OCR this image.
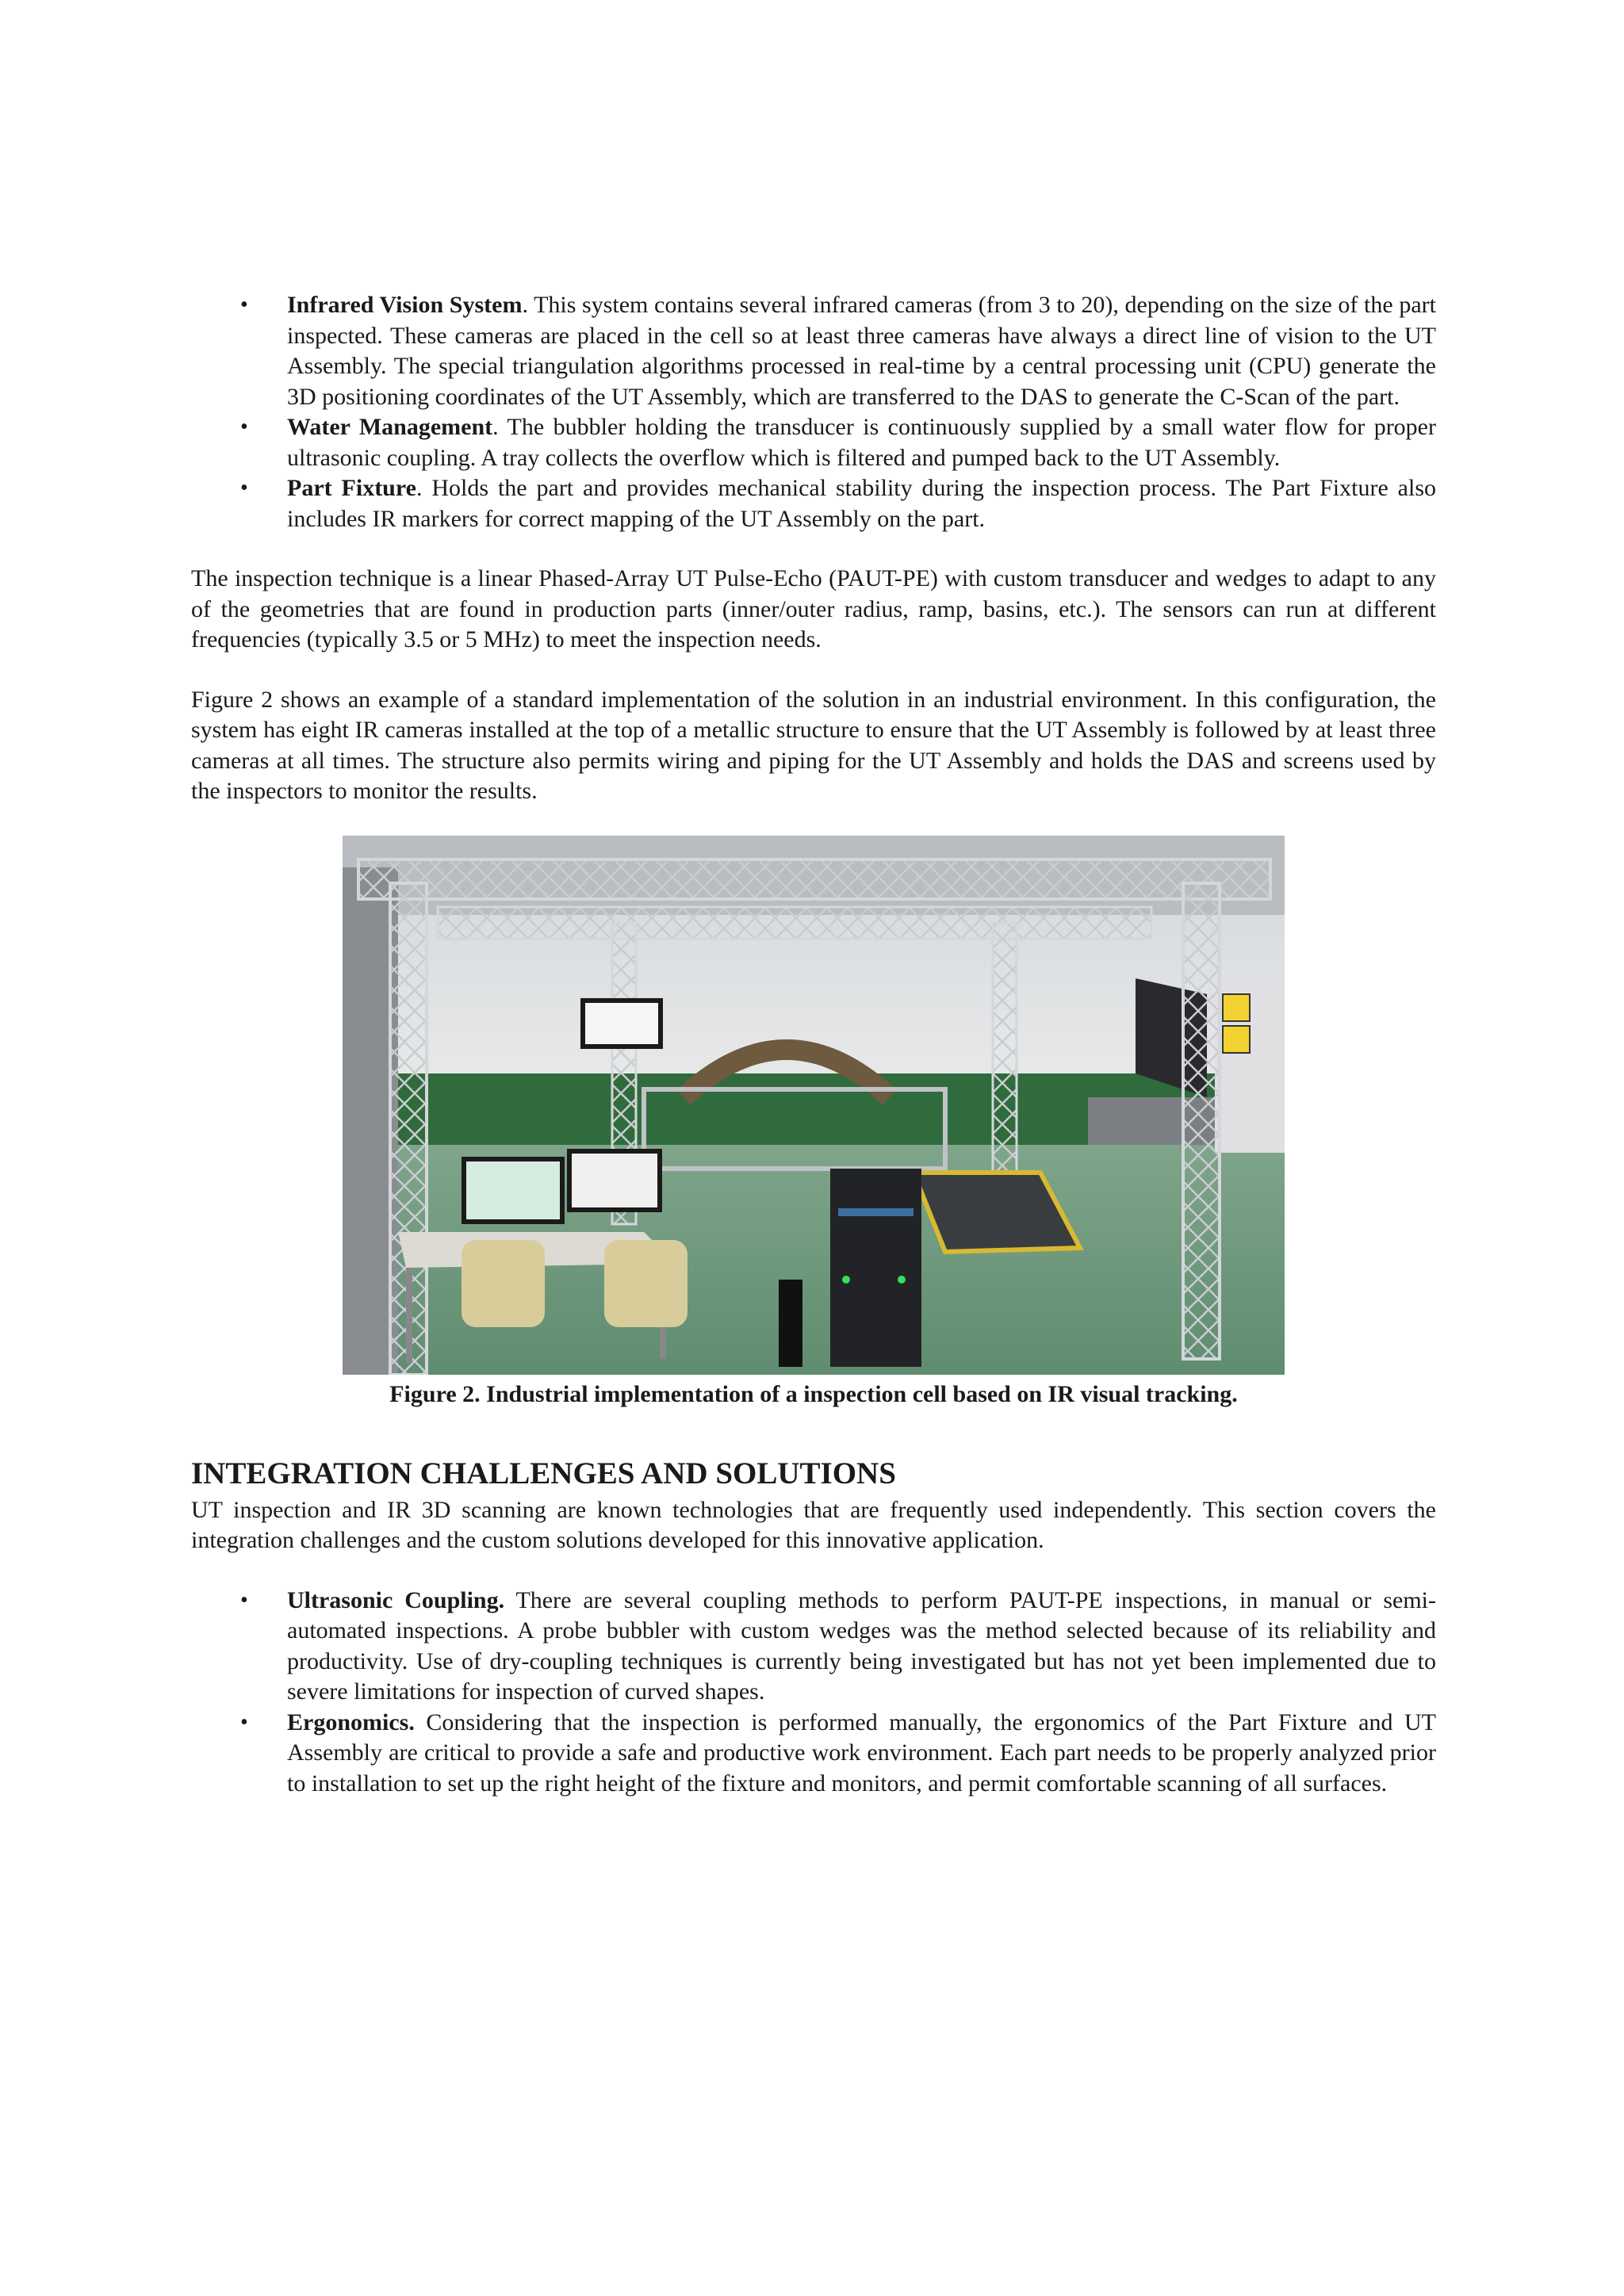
• Infrared Vision System. This system contains several infrared cameras (from 3 to 20), depending on the size of the part inspected. These cameras are placed in the cell so at least three cameras have always a direct line of vision to the UT Assembly. The special triangulation algorithms processed in real-time by a central processing unit (CPU) generate the 3D positioning coordinates of the UT Assembly, which are transferred to the DAS to generate the C-Scan of the part.
• Water Management. The bubbler holding the transducer is continuously supplied by a small water flow for proper ultrasonic coupling. A tray collects the overflow which is filtered and pumped back to the UT Assembly.
• Part Fixture. Holds the part and provides mechanical stability during the inspection process. The Part Fixture also includes IR markers for correct mapping of the UT Assembly on the part.

The inspection technique is a linear Phased-Array UT Pulse-Echo (PAUT-PE) with custom transducer and wedges to adapt to any of the geometries that are found in production parts (inner/outer radius, ramp, basins, etc.). The sensors can run at different frequencies (typically 3.5 or 5 MHz) to meet the inspection needs.

Figure 2 shows an example of a standard implementation of the solution in an industrial environment. In this configuration, the system has eight IR cameras installed at the top of a metallic structure to ensure that the UT Assembly is followed by at least three cameras at all times. The structure also permits wiring and piping for the UT Assembly and holds the DAS and screens used by the inspectors to monitor the results.

Figure 2. Industrial implementation of a inspection cell based on IR visual tracking.

INTEGRATION CHALLENGES AND SOLUTIONS

UT inspection and IR 3D scanning are known technologies that are frequently used independently. This section covers the integration challenges and the custom solutions developed for this innovative application.

• Ultrasonic Coupling. There are several coupling methods to perform PAUT-PE inspections, in manual or semi-automated inspections. A probe bubbler with custom wedges was the method selected because of its reliability and productivity. Use of dry-coupling techniques is currently being investigated but has not yet been implemented due to severe limitations for inspection of curved shapes.
• Ergonomics. Considering that the inspection is performed manually, the ergonomics of the Part Fixture and UT Assembly are critical to provide a safe and productive work environment. Each part needs to be properly analyzed prior to installation to set up the right height of the fixture and monitors, and permit comfortable scanning of all surfaces.
